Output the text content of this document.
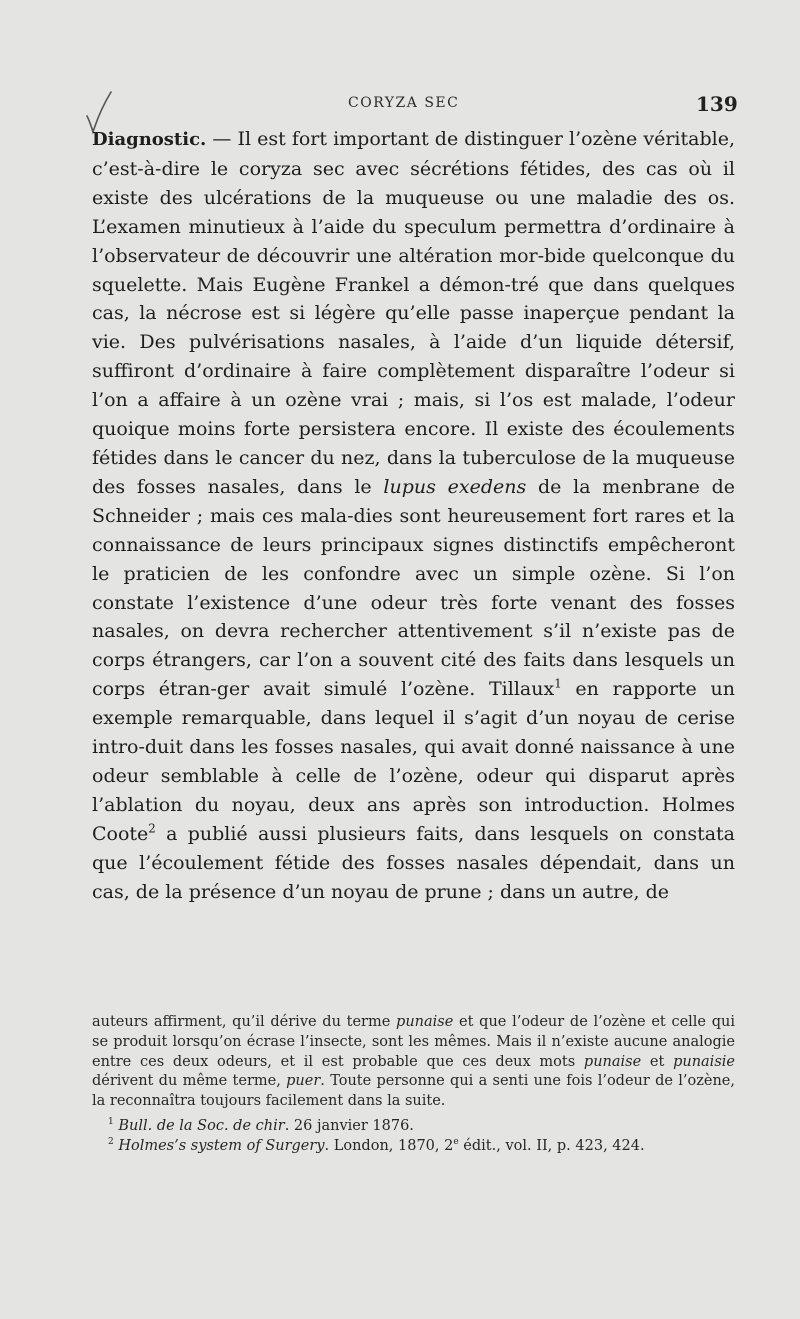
CORYZA SEC	139

Diagnostic. — Il est fort important de distinguer l’ozène véritable, c’est-à-dire le coryza sec avec sécrétions fétides, des cas où il existe des ulcérations de la muqueuse ou une maladie des os. L’examen minutieux à l’aide du speculum permettra d’ordinaire à l’observateur de découvrir une altération mor-bide quelconque du squelette. Mais Eugène Frankel a démon-tré que dans quelques cas, la nécrose est si légère qu’elle passe inaperçue pendant la vie. Des pulvérisations nasales, à l’aide d’un liquide détersif, suffiront d’ordinaire à faire complètement disparaître l’odeur si l’on a affaire à un ozène vrai ; mais, si l’os est malade, l’odeur quoique moins forte persistera encore. Il existe des écoulements fétides dans le cancer du nez, dans la tuberculose de la muqueuse des fosses nasales, dans le lupus exedens de la menbrane de Schneider ; mais ces mala-dies sont heureusement fort rares et la connaissance de leurs principaux signes distinctifs empêcheront le praticien de les confondre avec un simple ozène. Si l’on constate l’existence d’une odeur très forte venant des fosses nasales, on devra rechercher attentivement s’il n’existe pas de corps étrangers, car l’on a souvent cité des faits dans lesquels un corps étran-ger avait simulé l’ozène. Tillaux$^1$ en rapporte un exemple remarquable, dans lequel il s’agit d’un noyau de cerise intro-duit dans les fosses nasales, qui avait donné naissance à une odeur semblable à celle de l’ozène, odeur qui disparut après l’ablation du noyau, deux ans après son introduction. Holmes Coote$^2$ a publié aussi plusieurs faits, dans lesquels on constata que l’écoulement fétide des fosses nasales dépendait, dans un cas, de la présence d’un noyau de prune ; dans un autre, de

auteurs affirment, qu’il dérive du terme punaise et que l’odeur de l’ozène et celle qui se produit lorsqu’on écrase l’insecte, sont les mêmes. Mais il n’existe aucune analogie entre ces deux odeurs, et il est probable que ces deux mots punaise et punaisie dérivent du même terme, puer. Toute personne qui a senti une fois l’odeur de l’ozène, la reconnaîtra toujours facilement dans la suite.

$^1$ Bull. de la Soc. de chir. 26 janvier 1876.

$^2$ Holmes’s system of Surgery. London, 1870, 2e édit., vol. II, p. 423, 424.
